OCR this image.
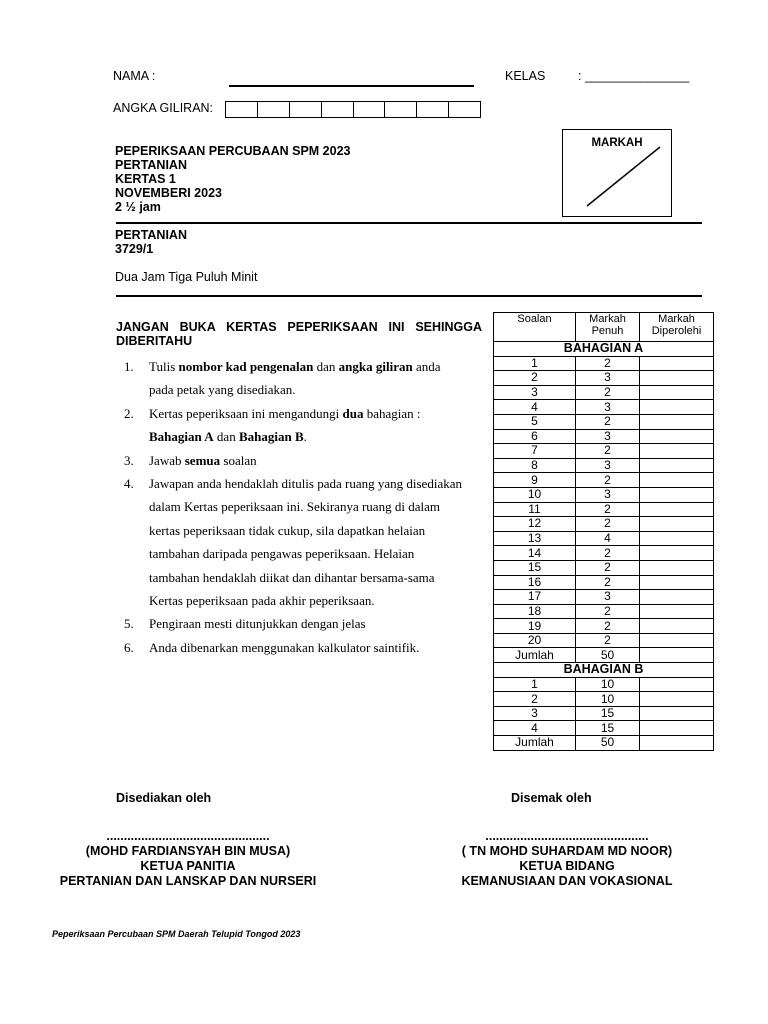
NAMA :	KELAS	: _______________
ANGKA GILIRAN:
PEPERIKSAAN PERCUBAAN SPM 2023
PERTANIAN
KERTAS 1
NOVEMBERI 2023
2 ½ jam
MARKAH
PERTANIAN
3729/1
Dua Jam Tiga Puluh Minit
JANGAN BUKA KERTAS PEPERIKSAAN INI SEHINGGA DIBERITAHU
1.	Tulis nombor kad pengenalan dan angka giliran anda pada petak yang disediakan.
2.	Kertas peperiksaan ini mengandungi dua bahagian : Bahagian A dan Bahagian B.
3.	Jawab semua soalan
4.	Jawapan anda hendaklah ditulis pada ruang yang disediakan dalam Kertas peperiksaan ini. Sekiranya ruang di dalam kertas peperiksaan tidak cukup, sila dapatkan helaian tambahan daripada pengawas peperiksaan. Helaian tambahan hendaklah diikat dan dihantar bersama-sama Kertas peperiksaan pada akhir peperiksaan.
5.	Pengiraan mesti ditunjukkan dengan jelas
6.	Anda dibenarkan menggunakan kalkulator saintifik.
Soalan	Markah Penuh	Markah Diperolehi
BAHAGIAN A		
1	2	
2	3	
3	2	
4	3	
5	2	
6	3	
7	2	
8	3	
9	2	
10	3	
11	2	
12	2	
13	4	
14	2	
15	2	
16	2	
17	3	
18	2	
19	2	
20	2	
Jumlah	50	
BAHAGIAN B		
1	10	
2	10	
3	15	
4	15	
Jumlah	50	
Disediakan oleh	Disemak oleh
...............................................
(MOHD FARDIANSYAH BIN MUSA)
KETUA PANITIA
PERTANIAN DAN LANSKAP DAN NURSERI
...............................................
( TN MOHD SUHARDAM MD NOOR)
KETUA BIDANG
KEMANUSIAAN DAN VOKASIONAL
Peperiksaan Percubaan SPM Daerah Telupid Tongod 2023
